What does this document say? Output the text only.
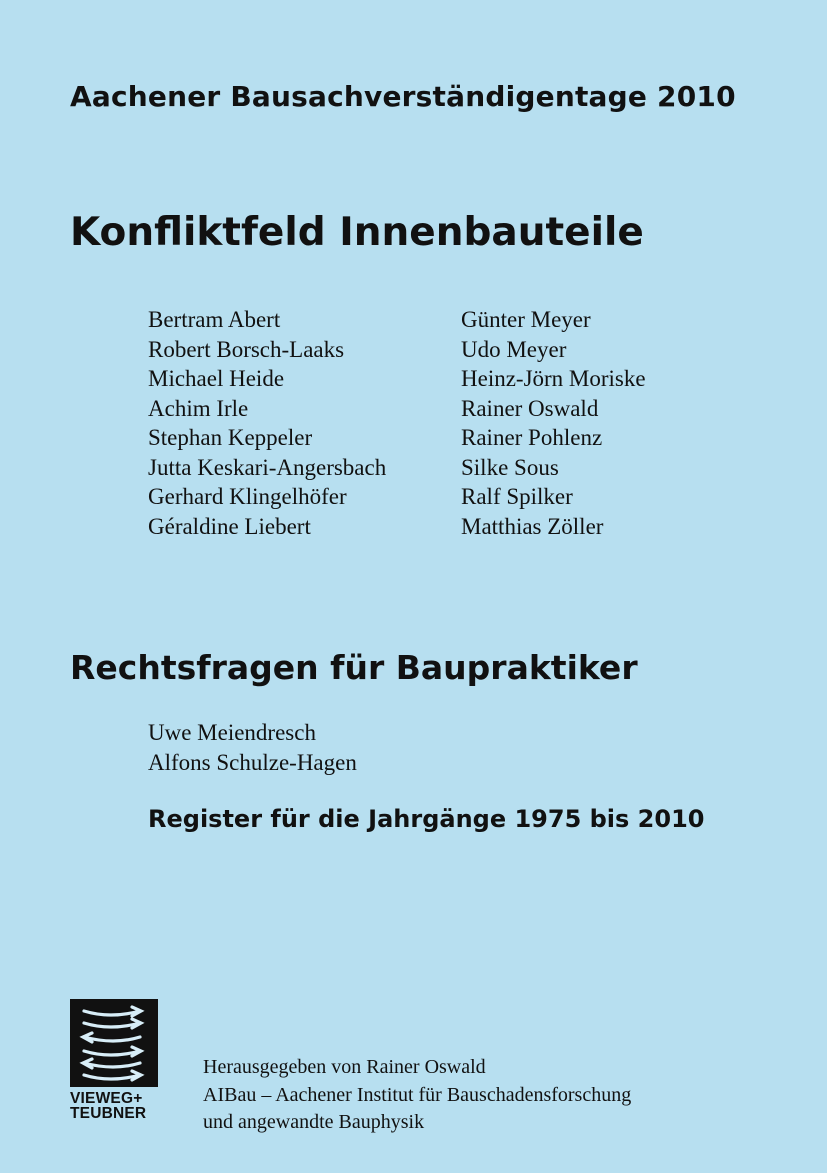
Aachener Bausachverständigentage 2010
Konfliktfeld Innenbauteile
Bertram Abert
Robert Borsch-Laaks
Michael Heide
Achim Irle
Stephan Keppeler
Jutta Keskari-Angersbach
Gerhard Klingelhöfer
Géraldine Liebert
Günter Meyer
Udo Meyer
Heinz-Jörn Moriske
Rainer Oswald
Rainer Pohlenz
Silke Sous
Ralf Spilker
Matthias Zöller
Rechtsfragen für Baupraktiker
Uwe Meiendresch
Alfons Schulze-Hagen
Register für die Jahrgänge 1975 bis 2010
VIEWEG+
TEUBNER
Herausgegeben von Rainer Oswald
AIBau – Aachener Institut für Bauschadensforschung
und angewandte Bauphysik
